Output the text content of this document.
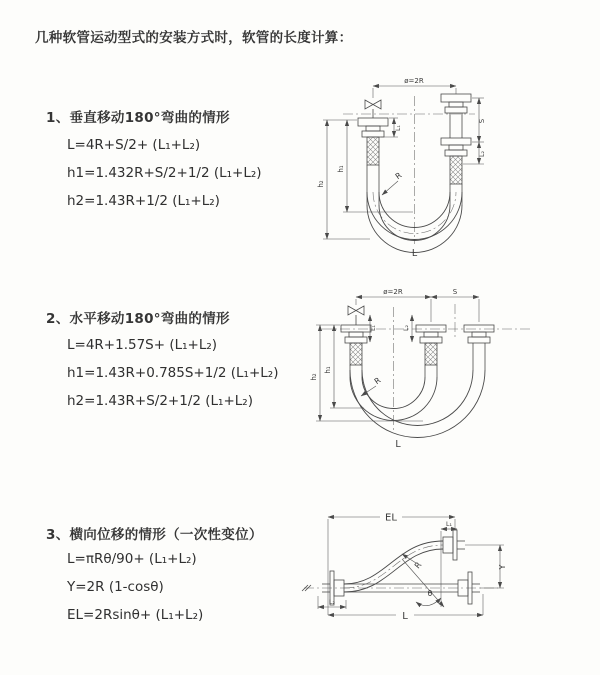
几种软管运动型式的安装方式时，软管的长度计算：
1、垂直移动180°弯曲的情形
L=4R+S/2+ (L₁+L₂)
h1=1.432R+S/2+1/2 (L₁+L₂)
h2=1.43R+1/2 (L₁+L₂)
2、水平移动180°弯曲的情形
L=4R+1.57S+ (L₁+L₂)
h1=1.43R+0.785S+1/2 (L₁+L₂)
h2=1.43R+S/2+1/2 (L₁+L₂)
3、横向位移的情形（一次性变位）
L=πRθ/90+ (L₁+L₂)
Y=2R (1-cosθ)
EL=2Rsinθ+ (L₁+L₂)
ø=2R
h₁
h₂
L₁
S
L₂
R
L
ø=2R	S
h₁
h₂
L₁	L₂
R
L
EL
L₁
Y
L
L₂
R
θ
